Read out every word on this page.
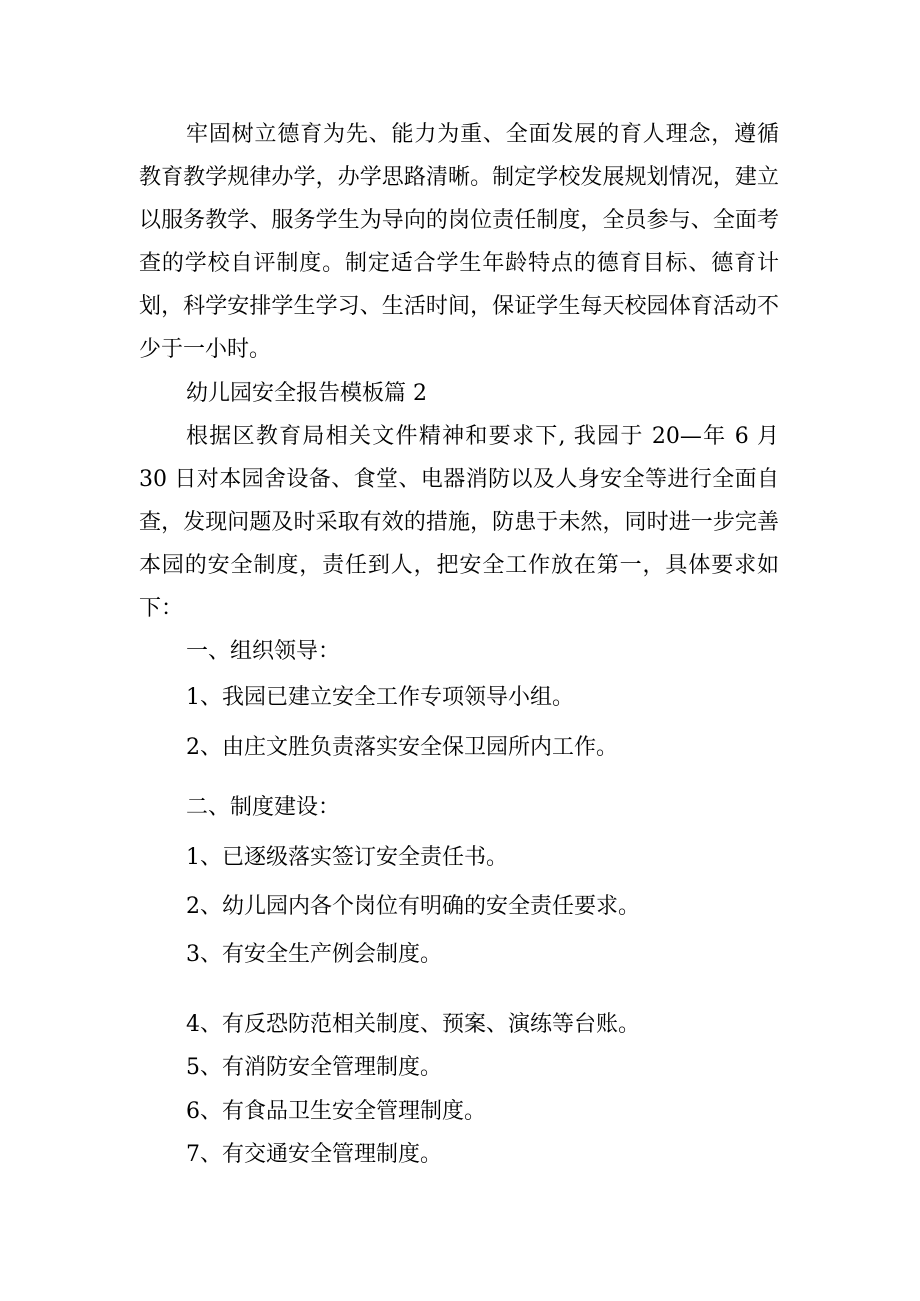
牢固树立德育为先、能力为重、全面发展的育人理念，遵循教育教学规律办学，办学思路清晰。制定学校发展规划情况，建立以服务教学、服务学生为导向的岗位责任制度，全员参与、全面考查的学校自评制度。制定适合学生年龄特点的德育目标、德育计划，科学安排学生学习、生活时间，保证学生每天校园体育活动不少于一小时。

幼儿园安全报告模板篇 2

根据区教育局相关文件精神和要求下, 我园于 20—年 6 月 30 日对本园舍设备、食堂、电器消防以及人身安全等进行全面自查，发现问题及时采取有效的措施，防患于未然，同时进一步完善本园的安全制度，责任到人，把安全工作放在第一，具体要求如下：

一、组织领导：

1、我园已建立安全工作专项领导小组。

2、由庄文胜负责落实安全保卫园所内工作。

二、制度建设：

1、已逐级落实签订安全责任书。

2、幼儿园内各个岗位有明确的安全责任要求。

3、有安全生产例会制度。

4、有反恐防范相关制度、预案、演练等台账。

5、有消防安全管理制度。

6、有食品卫生安全管理制度。

7、有交通安全管理制度。
